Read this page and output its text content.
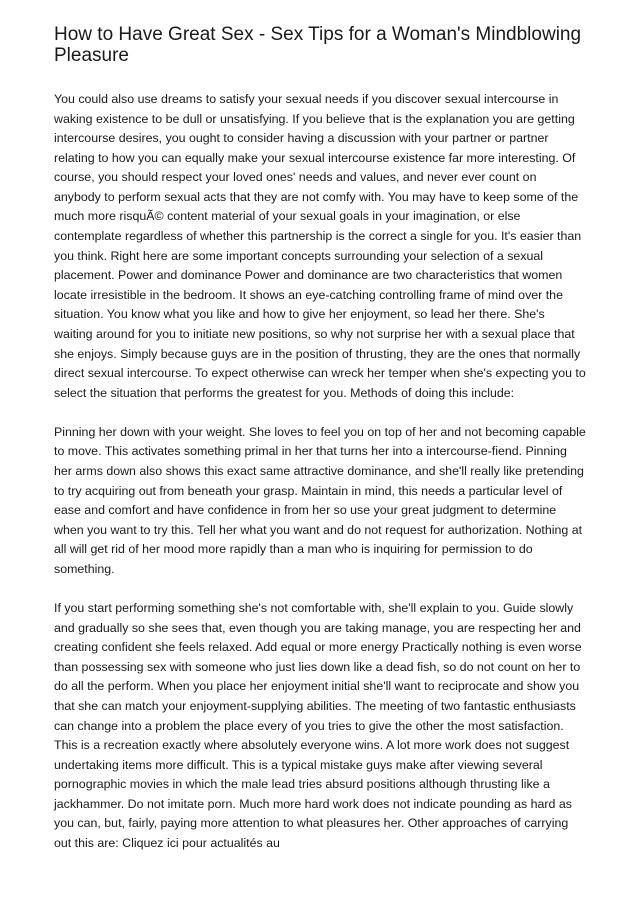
How to Have Great Sex - Sex Tips for a Woman's Mindblowing Pleasure

You could also use dreams to satisfy your sexual needs if you discover sexual intercourse in waking existence to be dull or unsatisfying. If you believe that is the explanation you are getting intercourse desires, you ought to consider having a discussion with your partner or partner relating to how you can equally make your sexual intercourse existence far more interesting. Of course, you should respect your loved ones' needs and values, and never ever count on anybody to perform sexual acts that they are not comfy with. You may have to keep some of the much more risquÃ© content material of your sexual goals in your imagination, or else contemplate regardless of whether this partnership is the correct a single for you. It's easier than you think. Right here are some important concepts surrounding your selection of a sexual placement. Power and dominance Power and dominance are two characteristics that women locate irresistible in the bedroom. It shows an eye-catching controlling frame of mind over the situation. You know what you like and how to give her enjoyment, so lead her there. She's waiting around for you to initiate new positions, so why not surprise her with a sexual place that she enjoys. Simply because guys are in the position of thrusting, they are the ones that normally direct sexual intercourse. To expect otherwise can wreck her temper when she's expecting you to select the situation that performs the greatest for you. Methods of doing this include:

Pinning her down with your weight. She loves to feel you on top of her and not becoming capable to move. This activates something primal in her that turns her into a intercourse-fiend. Pinning her arms down also shows this exact same attractive dominance, and she'll really like pretending to try acquiring out from beneath your grasp. Maintain in mind, this needs a particular level of ease and comfort and have confidence in from her so use your great judgment to determine when you want to try this. Tell her what you want and do not request for authorization. Nothing at all will get rid of her mood more rapidly than a man who is inquiring for permission to do something.

If you start performing something she's not comfortable with, she'll explain to you. Guide slowly and gradually so she sees that, even though you are taking manage, you are respecting her and creating confident she feels relaxed. Add equal or more energy Practically nothing is even worse than possessing sex with someone who just lies down like a dead fish, so do not count on her to do all the perform. When you place her enjoyment initial she'll want to reciprocate and show you that she can match your enjoyment-supplying abilities. The meeting of two fantastic enthusiasts can change into a problem the place every of you tries to give the other the most satisfaction. This is a recreation exactly where absolutely everyone wins. A lot more work does not suggest undertaking items more difficult. This is a typical mistake guys make after viewing several pornographic movies in which the male lead tries absurd positions although thrusting like a jackhammer. Do not imitate porn. Much more hard work does not indicate pounding as hard as you can, but, fairly, paying more attention to what pleasures her. Other approaches of carrying out this are: Cliquez ici pour actualités au
